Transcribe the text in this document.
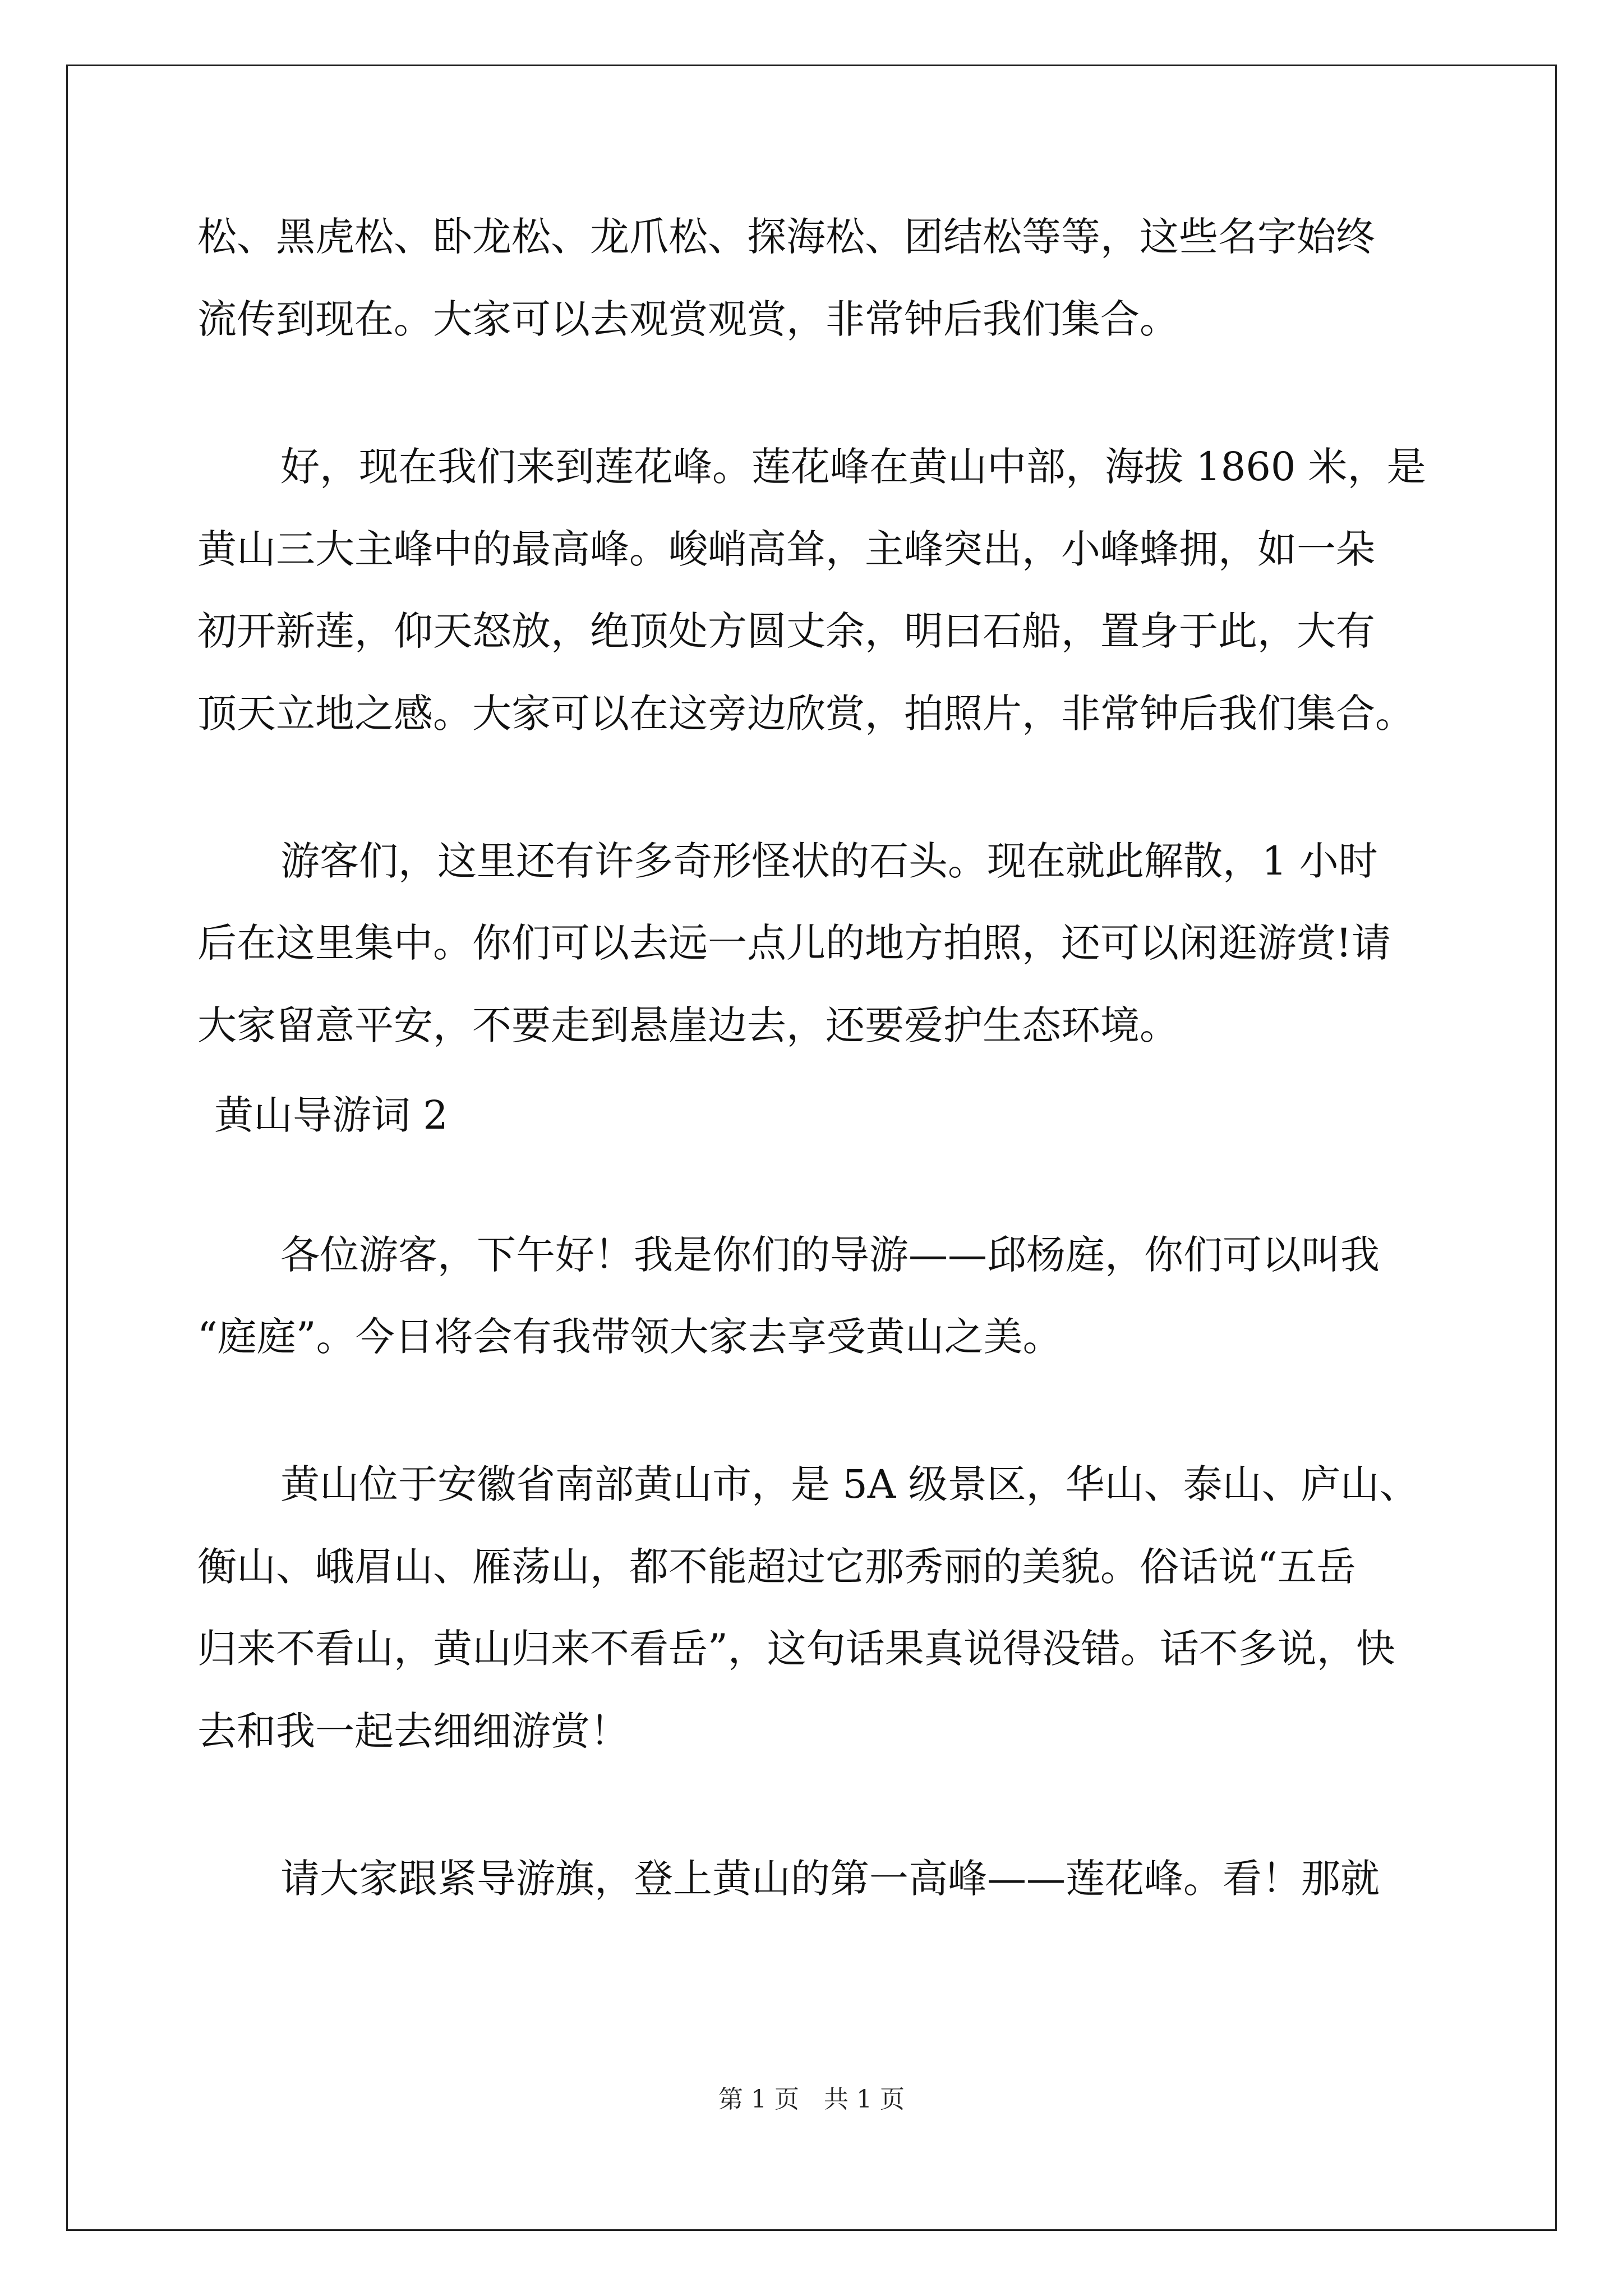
松、黑虎松、卧龙松、龙爪松、探海松、团结松等等，这些名字始终
流传到现在。大家可以去观赏观赏，非常钟后我们集合。
好，现在我们来到莲花峰。莲花峰在黄山中部，海拔 1860 米，是
黄山三大主峰中的最高峰。峻峭高耸，主峰突出，小峰蜂拥，如一朵
初开新莲，仰天怒放，绝顶处方圆丈余，明曰石船，置身于此，大有
顶天立地之感。大家可以在这旁边欣赏，拍照片，非常钟后我们集合。
游客们，这里还有许多奇形怪状的石头。现在就此解散，1 小时
后在这里集中。你们可以去远一点儿的地方拍照，还可以闲逛游赏!请
大家留意平安，不要走到悬崖边去，还要爱护生态环境。
黄山导游词 2
各位游客，下午好！我是你们的导游——邱杨庭，你们可以叫我
“庭庭”。今日将会有我带领大家去享受黄山之美。
黄山位于安徽省南部黄山市，是 5A 级景区，华山、泰山、庐山、
衡山、峨眉山、雁荡山，都不能超过它那秀丽的美貌。俗话说“五岳
归来不看山，黄山归来不看岳”，这句话果真说得没错。话不多说，快
去和我一起去细细游赏！
请大家跟紧导游旗，登上黄山的第一高峰——莲花峰。看！那就
第 1 页　共 1 页
